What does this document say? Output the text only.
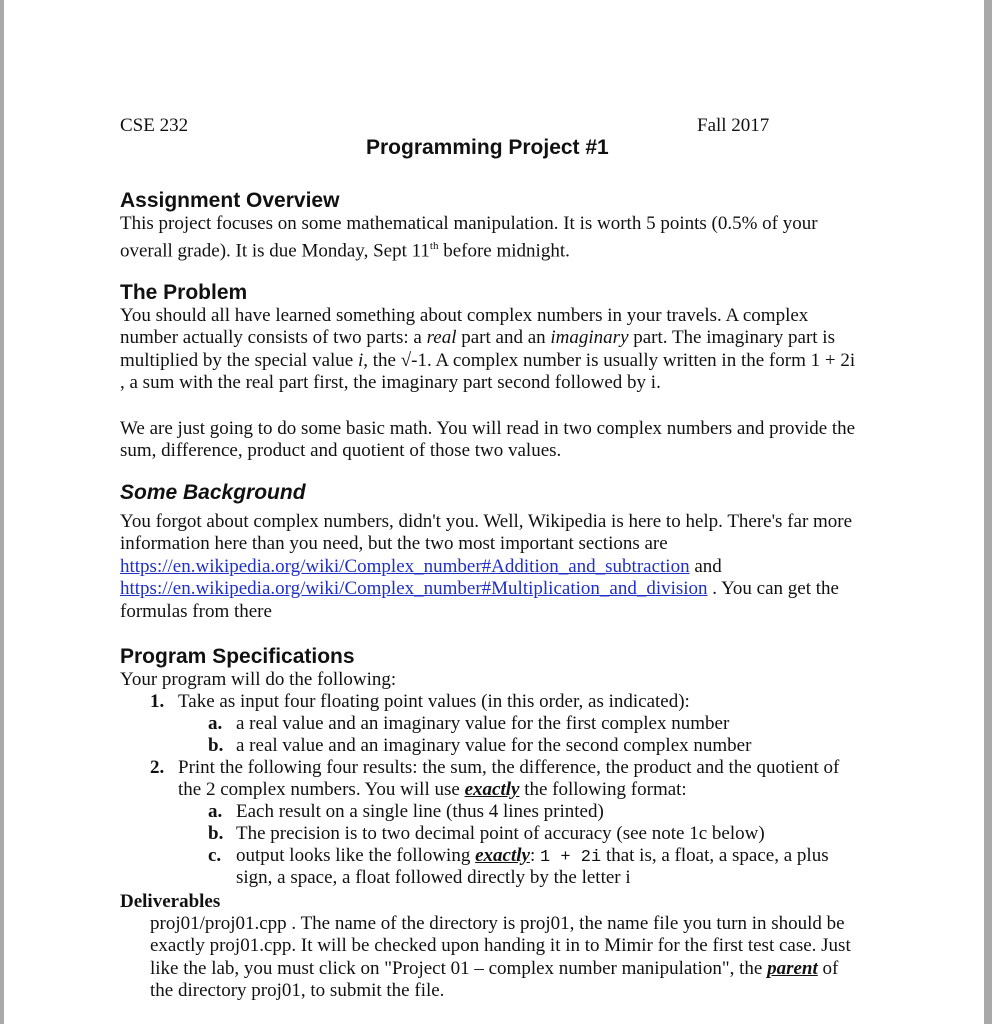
CSE 232	Fall 2017
Programming Project #1
Assignment Overview

This project focuses on some mathematical manipulation. It is worth 5 points (0.5% of your

overall grade). It is due Monday, Sept 11th before midnight.

The Problem

You should all have learned something about complex numbers in your travels. A complex

number actually consists of two parts: a real part and an imaginary part. The imaginary part is

multiplied by the special value i, the √-1. A complex number is usually written in the form 1 + 2i

, a sum with the real part first, the imaginary part second followed by i.

We are just going to do some basic math. You will read in two complex numbers and provide the

sum, difference, product and quotient of those two values.

Some Background

You forgot about complex numbers, didn't you. Well, Wikipedia is here to help. There's far more

information here than you need, but the two most important sections are

https://en.wikipedia.org/wiki/Complex_number#Addition_and_subtraction and

https://en.wikipedia.org/wiki/Complex_number#Multiplication_and_division . You can get the

formulas from there

Program Specifications
Your program will do the following:
1. Take as input four floating point values (in this order, as indicated):
a. a real value and an imaginary value for the first complex number
b. a real value and an imaginary value for the second complex number
2. Print the following four results: the sum, the difference, the product and the quotient of
the 2 complex numbers. You will use exactly the following format:
a. Each result on a single line (thus 4 lines printed)
b. The precision is to two decimal point of accuracy (see note 1c below)
c. output looks like the following exactly: 1 + 2i that is, a float, a space, a plus
sign, a space, a float followed directly by the letter i
Deliverables

proj01/proj01.cpp . The name of the directory is proj01, the name file you turn in should be

exactly proj01.cpp. It will be checked upon handing it in to Mimir for the first test case. Just

like the lab, you must click on "Project 01 – complex number manipulation", the parent of

the directory proj01, to submit the file.
